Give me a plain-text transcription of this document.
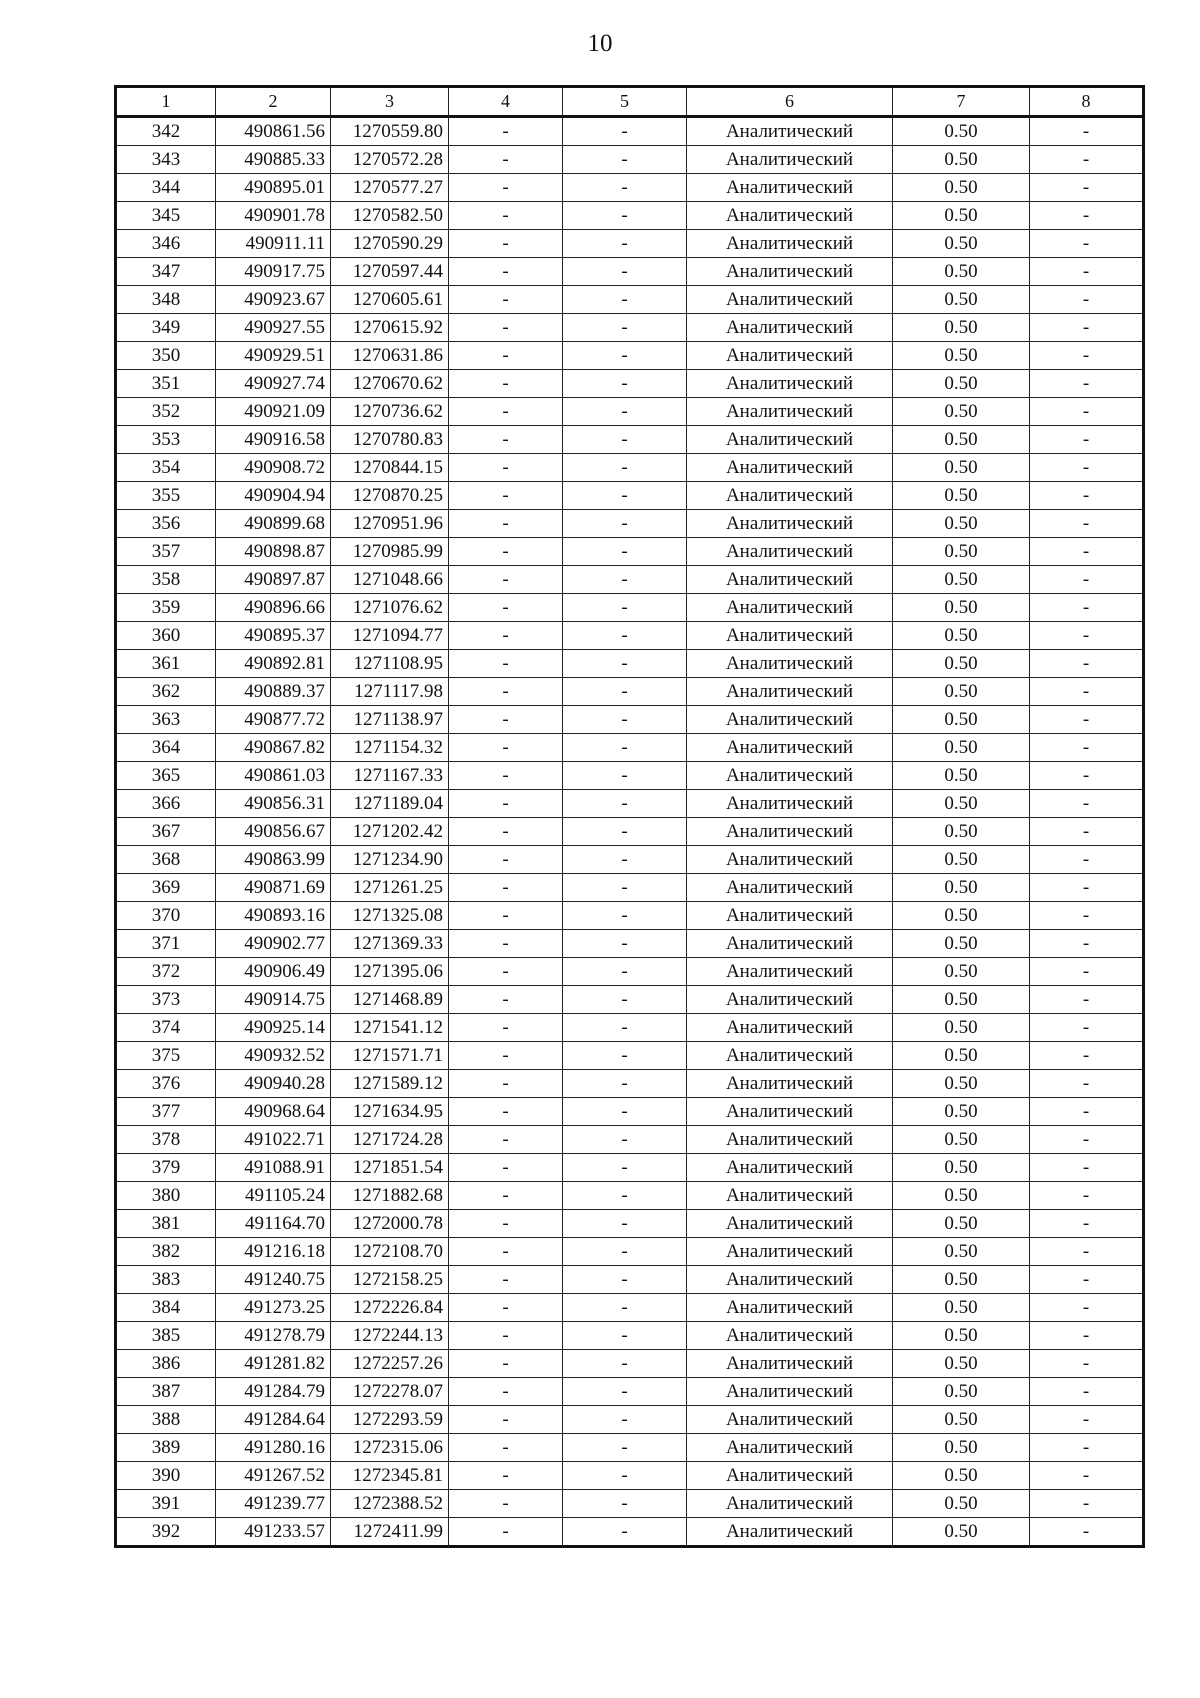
10
1	2	3	4	5	6	7	8
342	490861.56	1270559.80	-	-	Аналитический	0.50	-
343	490885.33	1270572.28	-	-	Аналитический	0.50	-
344	490895.01	1270577.27	-	-	Аналитический	0.50	-
345	490901.78	1270582.50	-	-	Аналитический	0.50	-
346	490911.11	1270590.29	-	-	Аналитический	0.50	-
347	490917.75	1270597.44	-	-	Аналитический	0.50	-
348	490923.67	1270605.61	-	-	Аналитический	0.50	-
349	490927.55	1270615.92	-	-	Аналитический	0.50	-
350	490929.51	1270631.86	-	-	Аналитический	0.50	-
351	490927.74	1270670.62	-	-	Аналитический	0.50	-
352	490921.09	1270736.62	-	-	Аналитический	0.50	-
353	490916.58	1270780.83	-	-	Аналитический	0.50	-
354	490908.72	1270844.15	-	-	Аналитический	0.50	-
355	490904.94	1270870.25	-	-	Аналитический	0.50	-
356	490899.68	1270951.96	-	-	Аналитический	0.50	-
357	490898.87	1270985.99	-	-	Аналитический	0.50	-
358	490897.87	1271048.66	-	-	Аналитический	0.50	-
359	490896.66	1271076.62	-	-	Аналитический	0.50	-
360	490895.37	1271094.77	-	-	Аналитический	0.50	-
361	490892.81	1271108.95	-	-	Аналитический	0.50	-
362	490889.37	1271117.98	-	-	Аналитический	0.50	-
363	490877.72	1271138.97	-	-	Аналитический	0.50	-
364	490867.82	1271154.32	-	-	Аналитический	0.50	-
365	490861.03	1271167.33	-	-	Аналитический	0.50	-
366	490856.31	1271189.04	-	-	Аналитический	0.50	-
367	490856.67	1271202.42	-	-	Аналитический	0.50	-
368	490863.99	1271234.90	-	-	Аналитический	0.50	-
369	490871.69	1271261.25	-	-	Аналитический	0.50	-
370	490893.16	1271325.08	-	-	Аналитический	0.50	-
371	490902.77	1271369.33	-	-	Аналитический	0.50	-
372	490906.49	1271395.06	-	-	Аналитический	0.50	-
373	490914.75	1271468.89	-	-	Аналитический	0.50	-
374	490925.14	1271541.12	-	-	Аналитический	0.50	-
375	490932.52	1271571.71	-	-	Аналитический	0.50	-
376	490940.28	1271589.12	-	-	Аналитический	0.50	-
377	490968.64	1271634.95	-	-	Аналитический	0.50	-
378	491022.71	1271724.28	-	-	Аналитический	0.50	-
379	491088.91	1271851.54	-	-	Аналитический	0.50	-
380	491105.24	1271882.68	-	-	Аналитический	0.50	-
381	491164.70	1272000.78	-	-	Аналитический	0.50	-
382	491216.18	1272108.70	-	-	Аналитический	0.50	-
383	491240.75	1272158.25	-	-	Аналитический	0.50	-
384	491273.25	1272226.84	-	-	Аналитический	0.50	-
385	491278.79	1272244.13	-	-	Аналитический	0.50	-
386	491281.82	1272257.26	-	-	Аналитический	0.50	-
387	491284.79	1272278.07	-	-	Аналитический	0.50	-
388	491284.64	1272293.59	-	-	Аналитический	0.50	-
389	491280.16	1272315.06	-	-	Аналитический	0.50	-
390	491267.52	1272345.81	-	-	Аналитический	0.50	-
391	491239.77	1272388.52	-	-	Аналитический	0.50	-
392	491233.57	1272411.99	-	-	Аналитический	0.50	-
